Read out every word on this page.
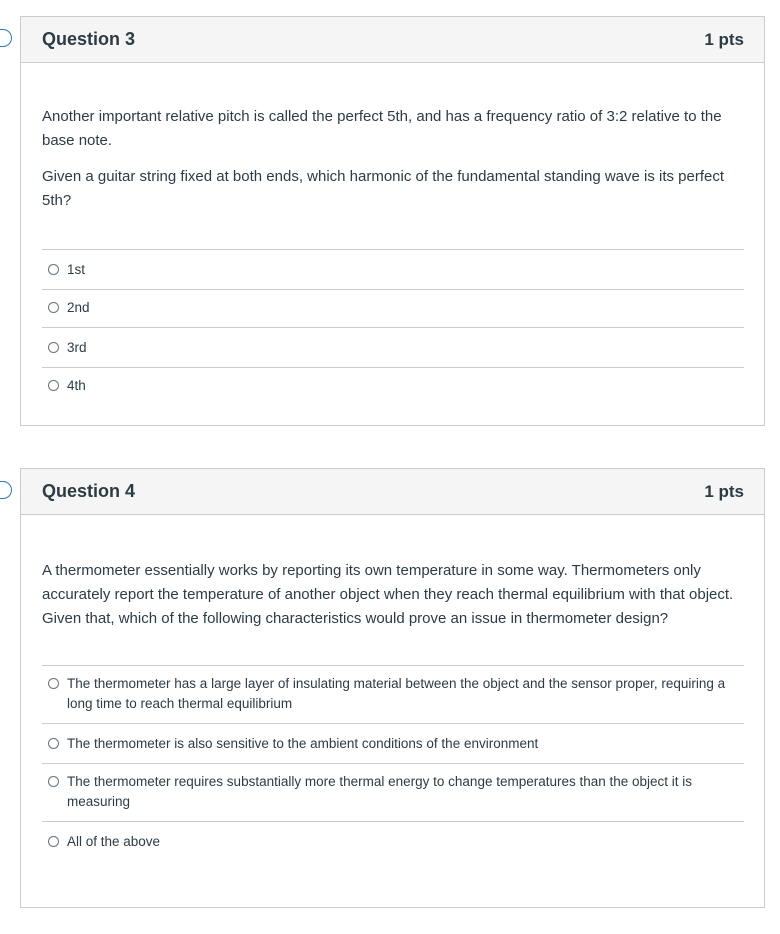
Question 3	1 pts

Another important relative pitch is called the perfect 5th, and has a frequency ratio of 3:2 relative to the base note.

Given a guitar string fixed at both ends, which harmonic of the fundamental standing wave is its perfect 5th?

1st
2nd
3rd
4th
Question 4	1 pts

A thermometer essentially works by reporting its own temperature in some way. Thermometers only accurately report the temperature of another object when they reach thermal equilibrium with that object. Given that, which of the following characteristics would prove an issue in thermometer design?

The thermometer has a large layer of insulating material between the object and the sensor proper, requiring a long time to reach thermal equilibrium
The thermometer is also sensitive to the ambient conditions of the environment
The thermometer requires substantially more thermal energy to change temperatures than the object it is measuring
All of the above
